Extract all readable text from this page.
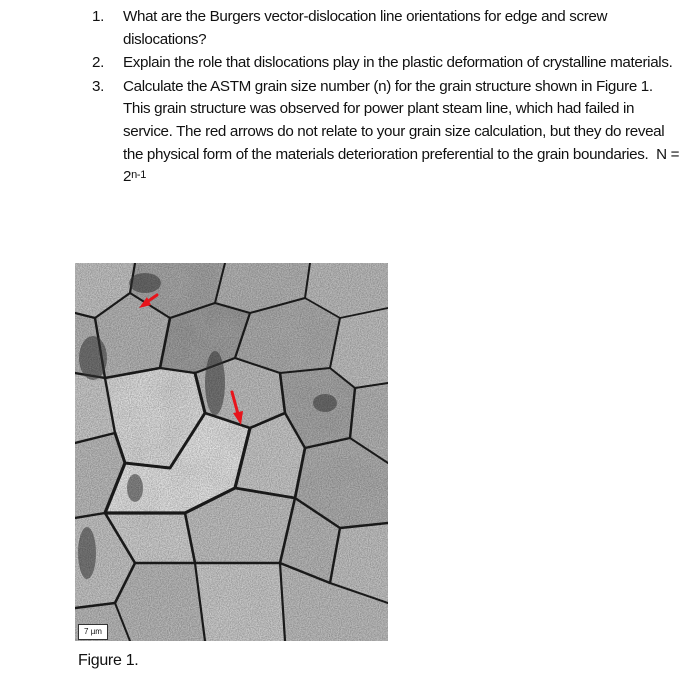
1.	What are the Burgers vector-dislocation line orientations for edge and screw dislocations?
2.	Explain the role that dislocations play in the plastic deformation of crystalline materials.
3.	Calculate the ASTM grain size number (n) for the grain structure shown in Figure 1. This grain structure was observed for power plant steam line, which had failed in service. The red arrows do not relate to your grain size calculation, but they do reveal the physical form of the materials deterioration preferential to the grain boundaries. $N = 2^{n-1}$
7 µm
Figure 1.
